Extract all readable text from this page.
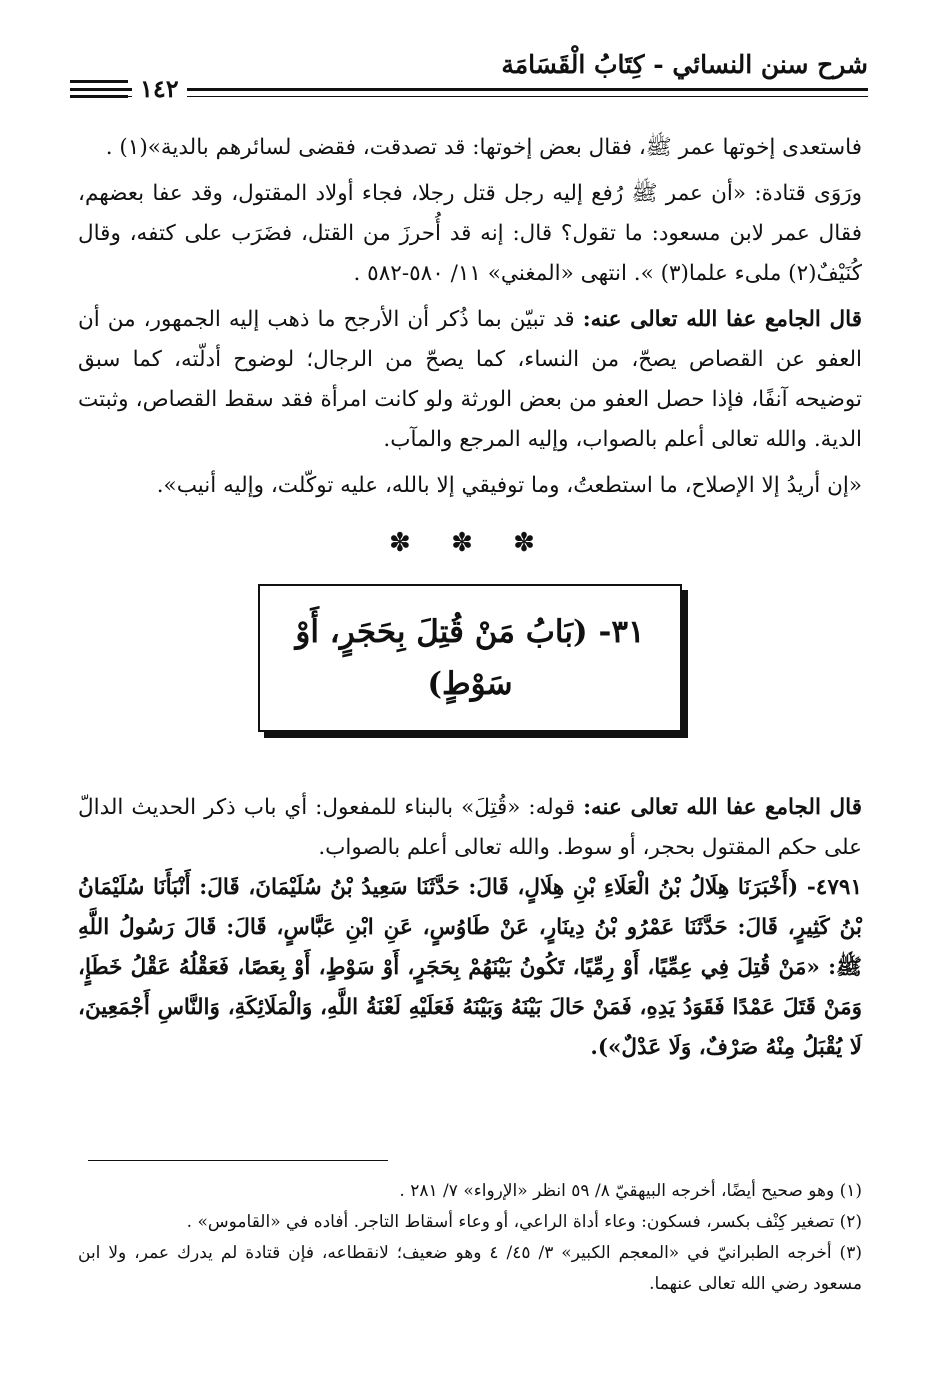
شرح سنن النسائي - كِتَابُ الْقَسَامَة
١٤٢

فاستعدى إخوتها عمر ﷺ، فقال بعض إخوتها: قد تصدقت، فقضى لسائرهم بالدية»(١) .

ورَوَى قتادة: «أن عمر ﷺ رُفع إليه رجل قتل رجلا، فجاء أولاد المقتول، وقد عفا بعضهم، فقال عمر لابن مسعود: ما تقول؟ قال: إنه قد أُحرزَ من القتل، فضَرَب على كتفه، وقال كُنَيْفٌ(٢) ملىء علما(٣) ». انتهى «المغني» ١١/ ٥٨٠-٥٨٢ .

قال الجامع عفا الله تعالى عنه: قد تبيّن بما ذُكر أن الأرجح ما ذهب إليه الجمهور، من أن العفو عن القصاص يصحّ، من النساء، كما يصحّ من الرجال؛ لوضوح أدلّته، كما سبق توضيحه آنفًا، فإذا حصل العفو من بعض الورثة ولو كانت امرأة فقد سقط القصاص، وثبتت الدية. والله تعالى أعلم بالصواب، وإليه المرجع والمآب.

«إن أريدُ إلا الإصلاح، ما استطعتُ، وما توفيقي إلا بالله، عليه توكّلت، وإليه أنيب».

✽ ✽ ✽
٣١- (بَابُ مَنْ قُتِلَ بِحَجَرٍ، أَوْ
سَوْطٍ)

قال الجامع عفا الله تعالى عنه: قوله: «قُتِلَ» بالبناء للمفعول: أي باب ذكر الحديث الدالّ على حكم المقتول بحجر، أو سوط. والله تعالى أعلم بالصواب.

٤٧٩١- (أَخْبَرَنَا هِلَالُ بْنُ الْعَلَاءِ بْنِ هِلَالٍ، قَالَ: حَدَّثَنَا سَعِيدُ بْنُ سُلَيْمَانَ، قَالَ: أَنْبَأَنَا سُلَيْمَانُ بْنُ كَثِيرٍ، قَالَ: حَدَّثَنَا عَمْرُو بْنُ دِينَارٍ، عَنْ طَاوُسٍ، عَنِ ابْنِ عَبَّاسٍ، قَالَ: قَالَ رَسُولُ اللَّهِ ﷺ: «مَنْ قُتِلَ فِي عِمِّيًا، أَوْ رِمِّيًا، تَكُونُ بَيْنَهُمْ بِحَجَرٍ، أَوْ سَوْطٍ، أَوْ بِعَصًا، فَعَقْلُهُ عَقْلُ خَطَإٍ، وَمَنْ قَتَلَ عَمْدًا فَقَوَدُ يَدِهِ، فَمَنْ حَالَ بَيْنَهُ وَبَيْنَهُ فَعَلَيْهِ لَعْنَةُ اللَّهِ، وَالْمَلَائِكَةِ، وَالنَّاسِ أَجْمَعِينَ، لَا يُقْبَلُ مِنْهُ صَرْفٌ، وَلَا عَدْلٌ»).

(١) وهو صحيح أيضًا، أخرجه البيهقيّ ٨/ ٥٩ انظر «الإرواء» ٧/ ٢٨١ .

(٢) تصغير كِنْف بكسر، فسكون: وعاء أداة الراعي، أو وعاء أسقاط التاجر. أفاده في «القاموس» .

(٣) أخرجه الطبرانيّ في «المعجم الكبير» ٣/ ٤٥/ ٤ وهو ضعيف؛ لانقطاعه، فإن قتادة لم يدرك عمر، ولا ابن مسعود رضي الله تعالى عنهما.
